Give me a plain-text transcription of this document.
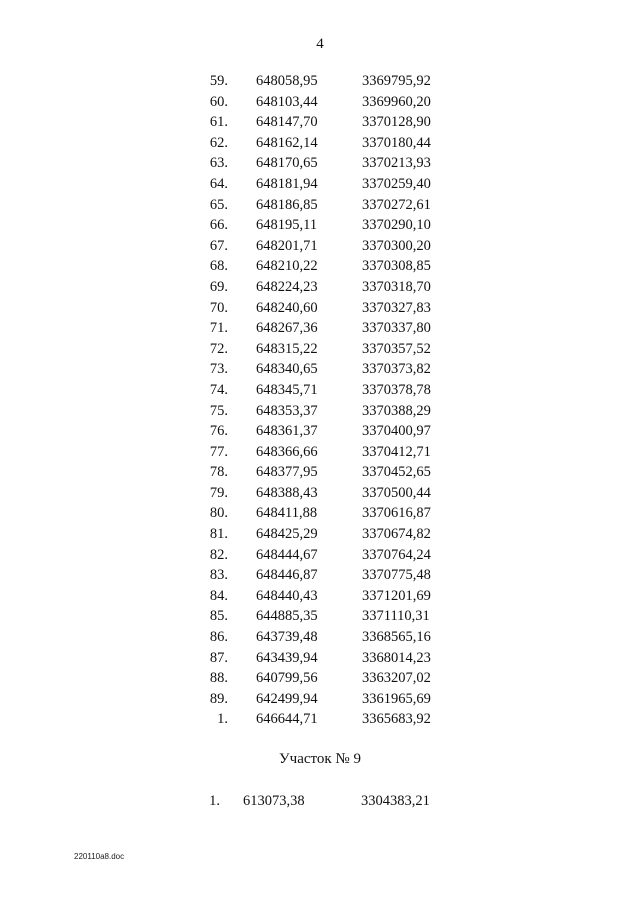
4
59. 648058,95	3369795,92
60. 648103,44	3369960,20
61. 648147,70	3370128,90
62. 648162,14	3370180,44
63. 648170,65	3370213,93
64. 648181,94	3370259,40
65. 648186,85	3370272,61
66. 648195,11	3370290,10
67. 648201,71	3370300,20
68. 648210,22	3370308,85
69. 648224,23	3370318,70
70. 648240,60	3370327,83
71. 648267,36	3370337,80
72. 648315,22	3370357,52
73. 648340,65	3370373,82
74. 648345,71	3370378,78
75. 648353,37	3370388,29
76. 648361,37	3370400,97
77. 648366,66	3370412,71
78. 648377,95	3370452,65
79. 648388,43	3370500,44
80. 648411,88	3370616,87
81. 648425,29	3370674,82
82. 648444,67	3370764,24
83. 648446,87	3370775,48
84. 648440,43	3371201,69
85. 644885,35	3371110,31
86. 643739,48	3368565,16
87. 643439,94	3368014,23
88. 640799,56	3363207,02
89. 642499,94	3361965,69
1. 646644,71	3365683,92
Участок № 9
1. 613073,38	3304383,21
220110a8.doc
